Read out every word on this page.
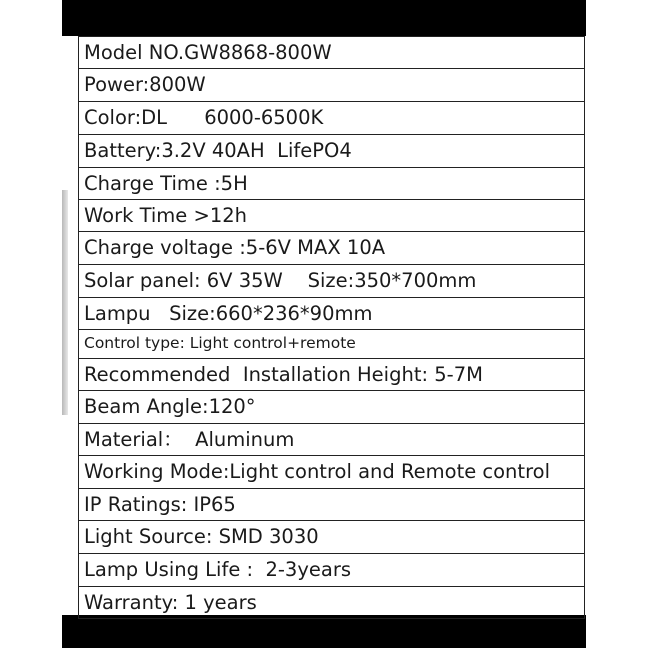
Model NO.GW8868-800W
Power:800W
Color:DL      6000-6500K
Battery:3.2V 40AH  LifePO4
Charge Time :5H
Work Time >12h
Charge voltage :5-6V MAX 10A
Solar panel: 6V 35W    Size:350*700mm
Lampu   Size:660*236*90mm
Control type: Light control+remote
Recommended  Installation Height: 5-7M
Beam Angle:120°
Material：  Aluminum
Working Mode:Light control and Remote control
IP Ratings: IP65
Light Source: SMD 3030
Lamp Using Life :  2-3years
Warranty: 1 years
